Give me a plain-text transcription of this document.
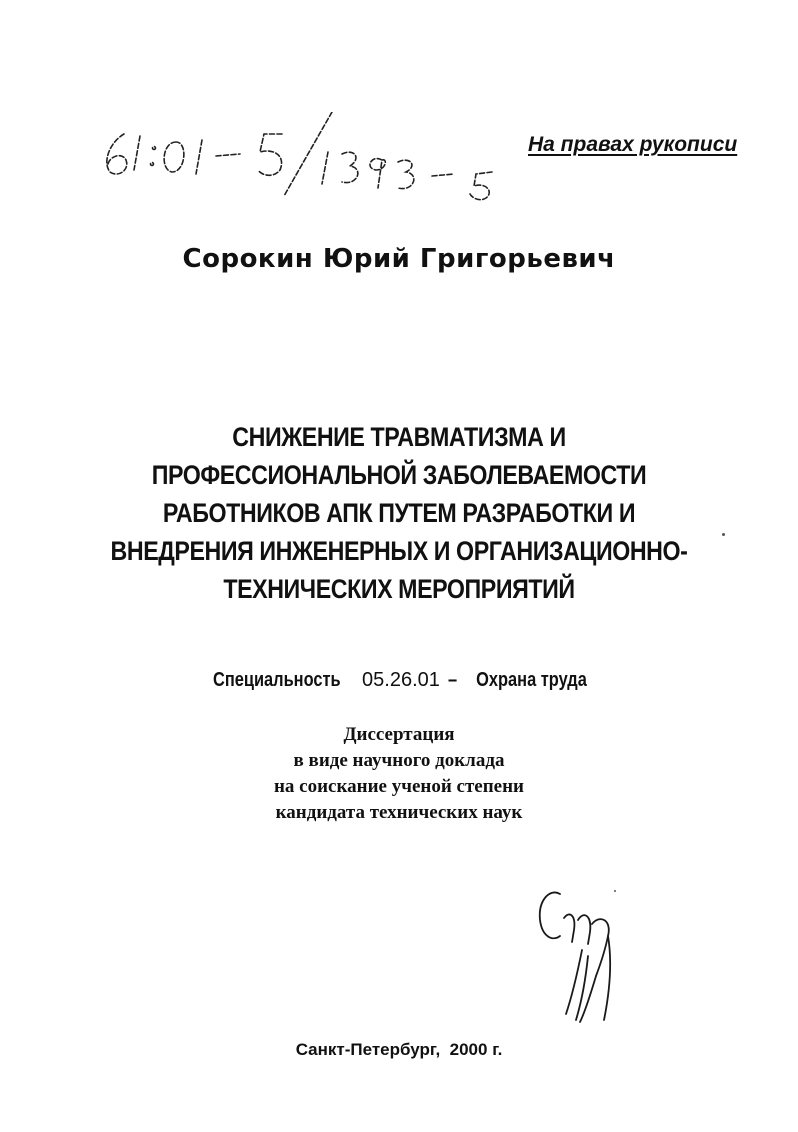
На правах рукописи
Сорокин Юрий Григорьевич
СНИЖЕНИЕ ТРАВМАТИЗМА И
ПРОФЕССИОНАЛЬНОЙ ЗАБОЛЕВАЕМОСТИ
РАБОТНИКОВ АПК ПУТЕМ РАЗРАБОТКИ И
ВНЕДРЕНИЯ ИНЖЕНЕРНЫХ И ОРГАНИЗАЦИОННО-
ТЕХНИЧЕСКИХ МЕРОПРИЯТИЙ
Специальность 05.26.01 – Охрана труда
Диссертация
в виде научного доклада
на соискание ученой степени
кандидата технических наук
Санкт-Петербург,  2000 г.
